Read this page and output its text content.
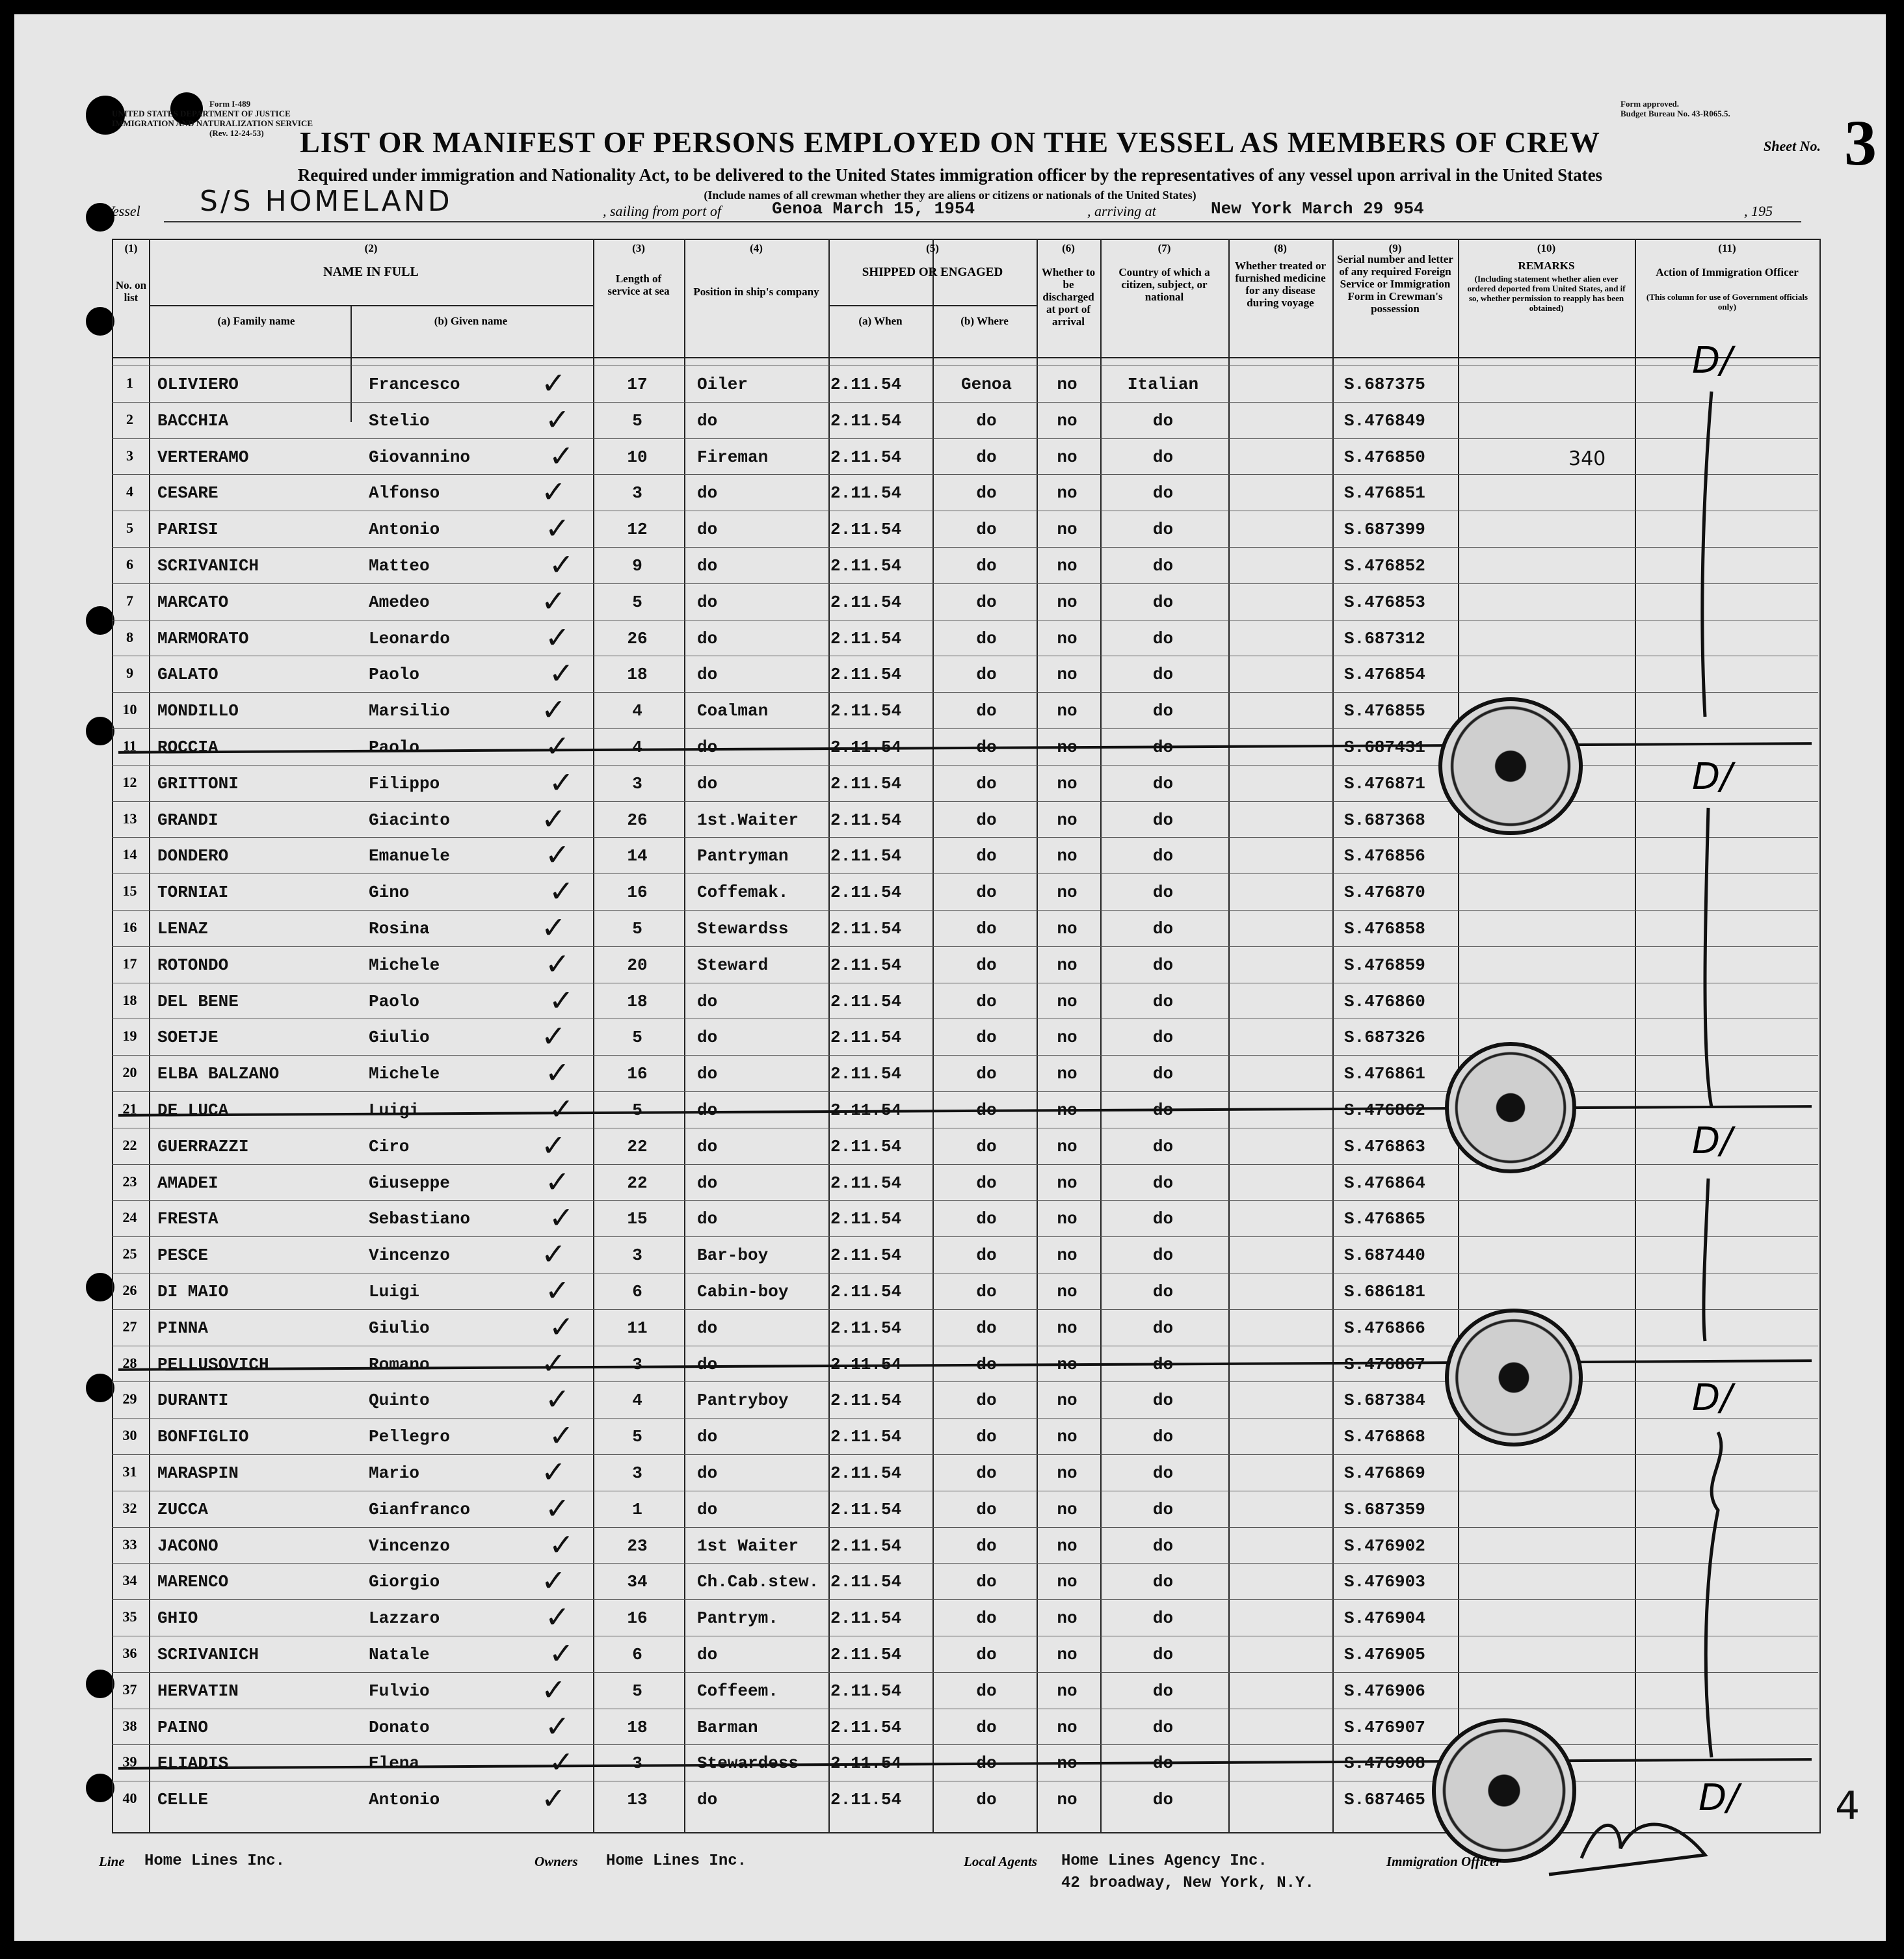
Form I-489
UNITED STATES DEPARTMENT OF JUSTICE
IMMIGRATION AND NATURALIZATION SERVICE
(Rev. 12-24-53)
Form approved.
Budget Bureau No. 43-R065.5.
LIST OR MANIFEST OF PERSONS EMPLOYED ON THE VESSEL AS MEMBERS OF CREW	Sheet No. 3
Required under immigration and Nationality Act, to be delivered to the United States immigration officer by the representatives of any vessel upon arrival in the United States
(Include names of all crewman whether they are aliens or citizens or nationals of the United States)
Vessel S/S HOMELAND	, sailing from port of	Genoa March 15, 1954	, arriving at	New York March 29 954	, 195
(1)	(2)	(3)	(4)	(5)	(6)	(7)	(8)	(9)	(10)	(11)
No. on list
NAME IN FULL
(a) Family name	(b) Given name
Length of service at sea	Position in ship's company
SHIPPED OR ENGAGED
(a) When	(b) Where
Whether to be discharged at port of arrival
Country of which a citizen, subject, or national
Whether treated or furnished medicine for any disease during voyage
Serial number and letter of any required Foreign Service or Immigration Form in Crewman's possession
REMARKS
(Including statement whether alien ever ordered deported from United States, and if so, whether permission to reapply has been obtained)
Action of Immigration Officer
(This column for use of Government officials only)
1	OLIVIERO	Francesco	17	Oiler	2.11.54	Genoa	no	Italian	S.687375
✓
2	BACCHIA	Stelio	5	do	2.11.54	do	no	do	S.476849
✓
3	VERTERAMO	Giovannino	10	Fireman	2.11.54	do	no	do	S.476850	340
✓
4	CESARE	Alfonso	3	do	2.11.54	do	no	do	S.476851
✓
5	PARISI	Antonio	12	do	2.11.54	do	no	do	S.687399
✓
6	SCRIVANICH	Matteo	9	do	2.11.54	do	no	do	S.476852
✓
7	MARCATO	Amedeo	5	do	2.11.54	do	no	do	S.476853
✓
8	MARMORATO	Leonardo	26	do	2.11.54	do	no	do	S.687312
✓
9	GALATO	Paolo	18	do	2.11.54	do	no	do	S.476854
✓
10	MONDILLO	Marsilio	4	Coalman	2.11.54	do	no	do	S.476855
✓
11	ROCCIA	Paolo	4	do	2.11.54	do	no	do	S.687431
✓
12	GRITTONI	Filippo	3	do	2.11.54	do	no	do	S.476871
✓
13	GRANDI	Giacinto	26	1st.Waiter	2.11.54	do	no	do	S.687368
✓
14	DONDERO	Emanuele	14	Pantryman	2.11.54	do	no	do	S.476856
✓
15	TORNIAI	Gino	16	Coffemak.	2.11.54	do	no	do	S.476870
✓
16	LENAZ	Rosina	5	Stewardss	2.11.54	do	no	do	S.476858
✓
17	ROTONDO	Michele	20	Steward	2.11.54	do	no	do	S.476859
✓
18	DEL BENE	Paolo	18	do	2.11.54	do	no	do	S.476860
✓
19	SOETJE	Giulio	5	do	2.11.54	do	no	do	S.687326
✓
20	ELBA BALZANO	Michele	16	do	2.11.54	do	no	do	S.476861
✓
21	DE LUCA	Luigi	5	do	2.11.54	do	no	do	S.476862
✓
22	GUERRAZZI	Ciro	22	do	2.11.54	do	no	do	S.476863
✓
23	AMADEI	Giuseppe	22	do	2.11.54	do	no	do	S.476864
✓
24	FRESTA	Sebastiano	15	do	2.11.54	do	no	do	S.476865
✓
25	PESCE	Vincenzo	3	Bar-boy	2.11.54	do	no	do	S.687440
✓
26	DI MAIO	Luigi	6	Cabin-boy	2.11.54	do	no	do	S.686181
✓
27	PINNA	Giulio	11	do	2.11.54	do	no	do	S.476866
✓
28	PELLUSOVICH	Romano	3	do	2.11.54	do	no	do	S.476867
✓
29	DURANTI	Quinto	4	Pantryboy	2.11.54	do	no	do	S.687384
✓
30	BONFIGLIO	Pellegro	5	do	2.11.54	do	no	do	S.476868
✓
31	MARASPIN	Mario	3	do	2.11.54	do	no	do	S.476869
✓
32	ZUCCA	Gianfranco	1	do	2.11.54	do	no	do	S.687359
✓
33	JACONO	Vincenzo	23	1st Waiter	2.11.54	do	no	do	S.476902
✓
34	MARENCO	Giorgio	34	Ch.Cab.stew. 2.11.54	do	no	do	S.476903
✓
35	GHIO	Lazzaro	16	Pantrym.	2.11.54	do	no	do	S.476904
✓
36	SCRIVANICH	Natale	6	do	2.11.54	do	no	do	S.476905
✓
37	HERVATIN	Fulvio	5	Coffeem.	2.11.54	do	no	do	S.476906
✓
38	PAINO	Donato	18	Barman	2.11.54	do	no	do	S.476907
✓
39	ELIADIS	Elena	3	Stewardess	2.11.54	do	no	do	S.476908
✓
40	CELLE	Antonio	13	do	2.11.54	do	no	do	S.687465
✓
D/
D/
D/
D/
D/
Line Home Lines Inc.	Owners Home Lines Inc.	Local Agents Home Lines Agency Inc.
42 broadway, New York, N.Y.
Immigration Officer
4
